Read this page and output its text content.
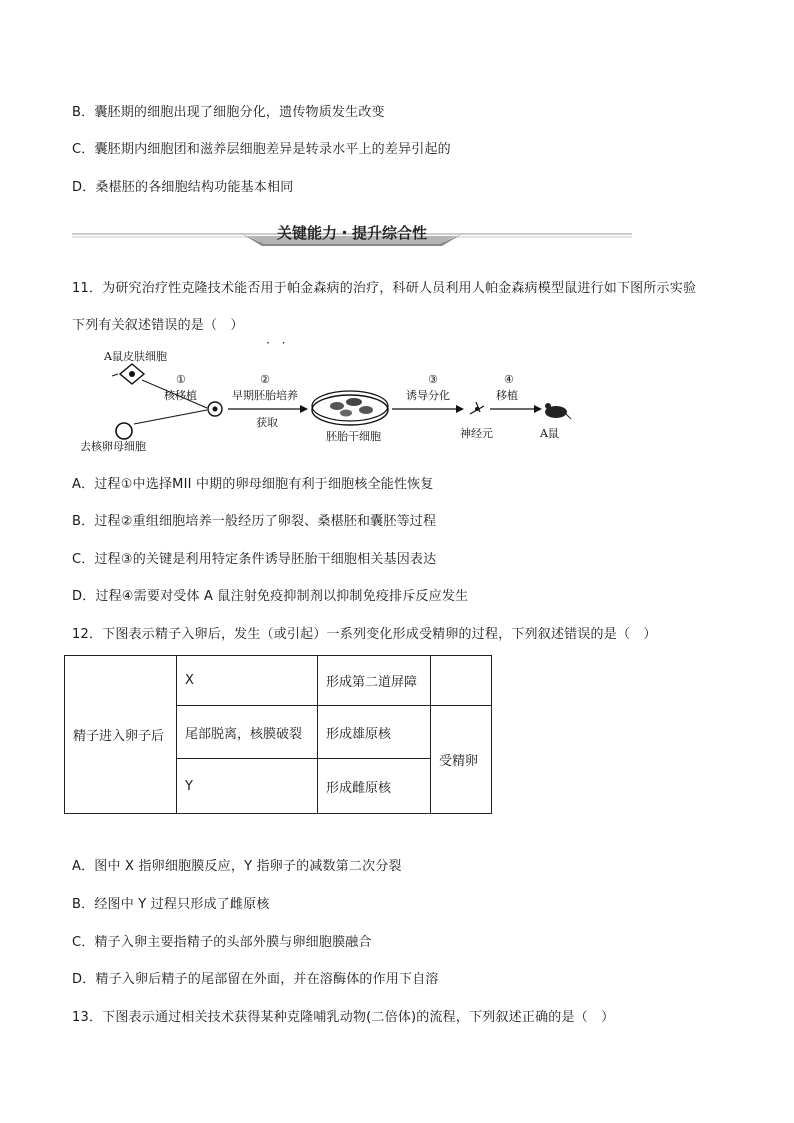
B．囊胚期的细胞出现了细胞分化，遗传物质发生改变
C．囊胚期内细胞团和滋养层细胞差异是转录水平上的差异引起的
D．桑椹胚的各细胞结构功能基本相同
关键能力・提升综合性
11．为研究治疗性克隆技术能否用于帕金森病的治疗，科研人员利用人帕金森病模型鼠进行如下图所示实验
下列有关叙述错误的是（　）
· ·
A鼠皮肤细胞
去核卵母细胞
①
核移植
②
早期胚胎培养
获取
胚胎干细胞
③
诱导分化
神经元
④
移植
A鼠
A．过程①中选择MII 中期的卵母细胞有利于细胞核全能性恢复
B．过程②重组细胞培养一般经历了卵裂、桑椹胚和囊胚等过程
C．过程③的关键是利用特定条件诱导胚胎干细胞相关基因表达
D．过程④需要对受体 A 鼠注射免疫抑制剂以抑制免疫排斥反应发生
12．下图表示精子入卵后，发生（或引起）一系列变化形成受精卵的过程，下列叙述错误的是（　）
精子进入卵子后	X	形成第二道屏障	
	尾部脱离，核膜破裂	形成雄原核	受精卵
	Y	形成雌原核	
A．图中 X 指卵细胞膜反应，Y 指卵子的减数第二次分裂
B．经图中 Y 过程只形成了雌原核
C．精子入卵主要指精子的头部外膜与卵细胞膜融合
D．精子入卵后精子的尾部留在外面，并在溶酶体的作用下自溶
13．下图表示通过相关技术获得某种克隆哺乳动物(二倍体)的流程，下列叙述正确的是（　）
